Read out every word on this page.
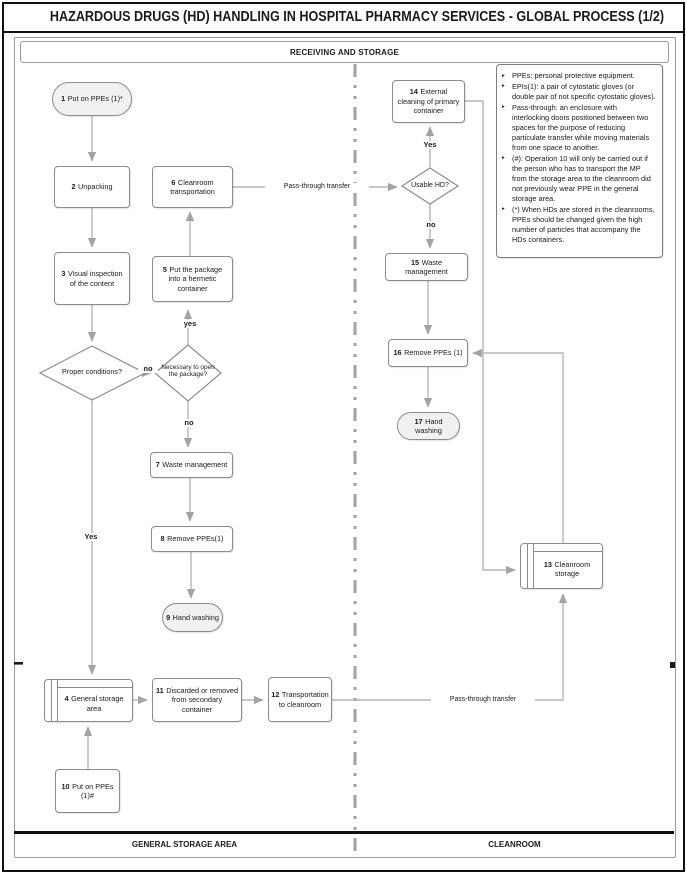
HAZARDOUS DRUGS (HD) HANDLING IN HOSPITAL PHARMACY SERVICES - GLOBAL PROCESS (1/2)
RECEIVING AND STORAGE
1 Put on PPEs (1)*
2 Unpacking
3 Visual inspection of the content
5 Put the package into a hermetic container
6 Cleanroom transportation
7 Waste management
8 Remove PPEs(1)
9 Hand washing
14 External cleaning of primary container
15 Waste management
16 Remove PPEs (1)
17 Hand washing
13 Cleanroom storage
4 General storage area
10 Put on PPEs (1)#
11 Discarded or removed from secondary container
12 Transportation to cleanroom
Proper conditions?	Necessary to open the package?
Usable HD?
no
Yes
yes
no
Yes
no
Pass-through transfer
Pass-through transfer
▸ PPEs: personal protective equipment.
▸ EPIs(1): a pair of cytostatic gloves (or double pair of not specific cytostatic gloves).
▸ Pass-through: an enclosure with interlocking doors positioned between two spaces for the purpose of reducing particulate transfer while moving materials from one space to another.
▸ (#): Operation 10 will only be carried out if the person who has to transport the MP from the storage area to the cleanroom did not previously wear PPE in the general storage area.
▸ (*) When HDs are stored in the cleanrooms, PPEs should be changed given the high number of particles that accompany the HDs containers.
GENERAL STORAGE AREA	CLEANROOM
